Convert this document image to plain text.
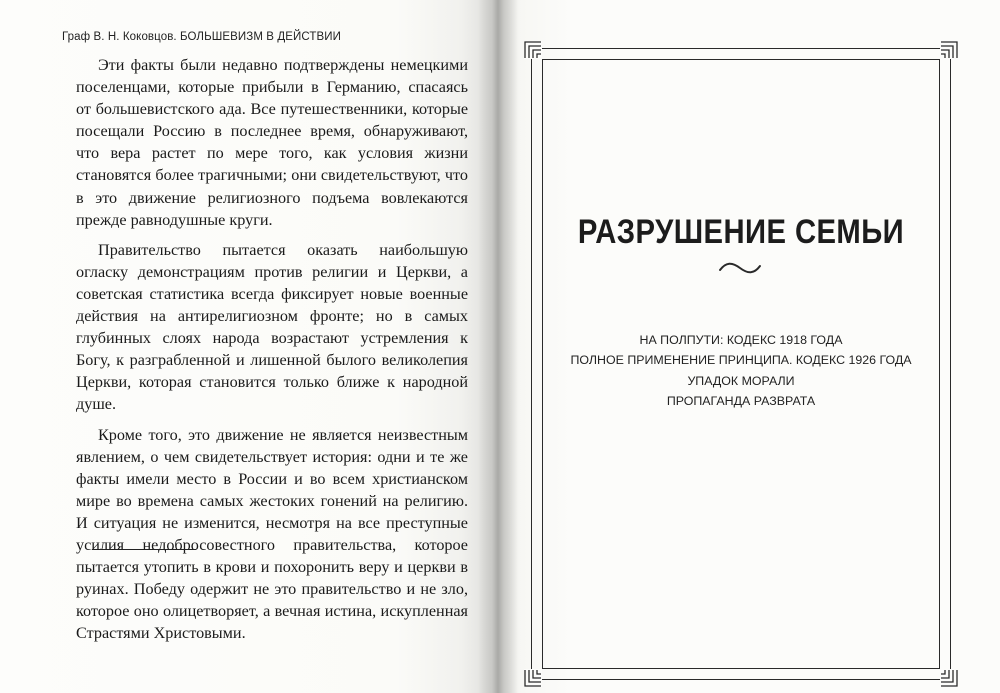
Граф В. Н. Коковцов. БОЛЬШЕВИЗМ В ДЕЙСТВИИ

Эти факты были недавно подтверждены немецкими поселенцами, которые прибыли в Германию, спасаясь от большевистского ада. Все путешественники, которые посещали Россию в последнее время, обнаруживают, что вера растет по мере того, как условия жизни становятся более трагичными; они свидетельствуют, что в это движение религиозного подъема вовлекаются прежде равнодушные круги.

Правительство пытается оказать наибольшую огласку демонстрациям против религии и Церкви, а советская статистика всегда фиксирует новые военные действия на антирелигиозном фронте; но в самых глубинных слоях народа возрастают устремления к Богу, к разграбленной и лишенной былого великолепия Церкви, которая становится только ближе к народной душе.

Кроме того, это движение не является неизвестным явлением, о чем свидетельствует история: одни и те же факты имели место в России и во всем христианском мире во времена самых жестоких гонений на религию. И ситуация не изменится, несмотря на все преступные усилия недобросовестного правительства, которое пытается утопить в крови и похоронить веру и церкви в руинах. Победу одержит не это правительство и не зло, которое оно олицетворяет, а вечная истина, искупленная Страстями Христовыми.

РАЗРУШЕНИЕ СЕМЬИ
НА ПОЛПУТИ: КОДЕКС 1918 ГОДА
ПОЛНОЕ ПРИМЕНЕНИЕ ПРИНЦИПА. КОДЕКС 1926 ГОДА
УПАДОК МОРАЛИ
ПРОПАГАНДА РАЗВРАТА
